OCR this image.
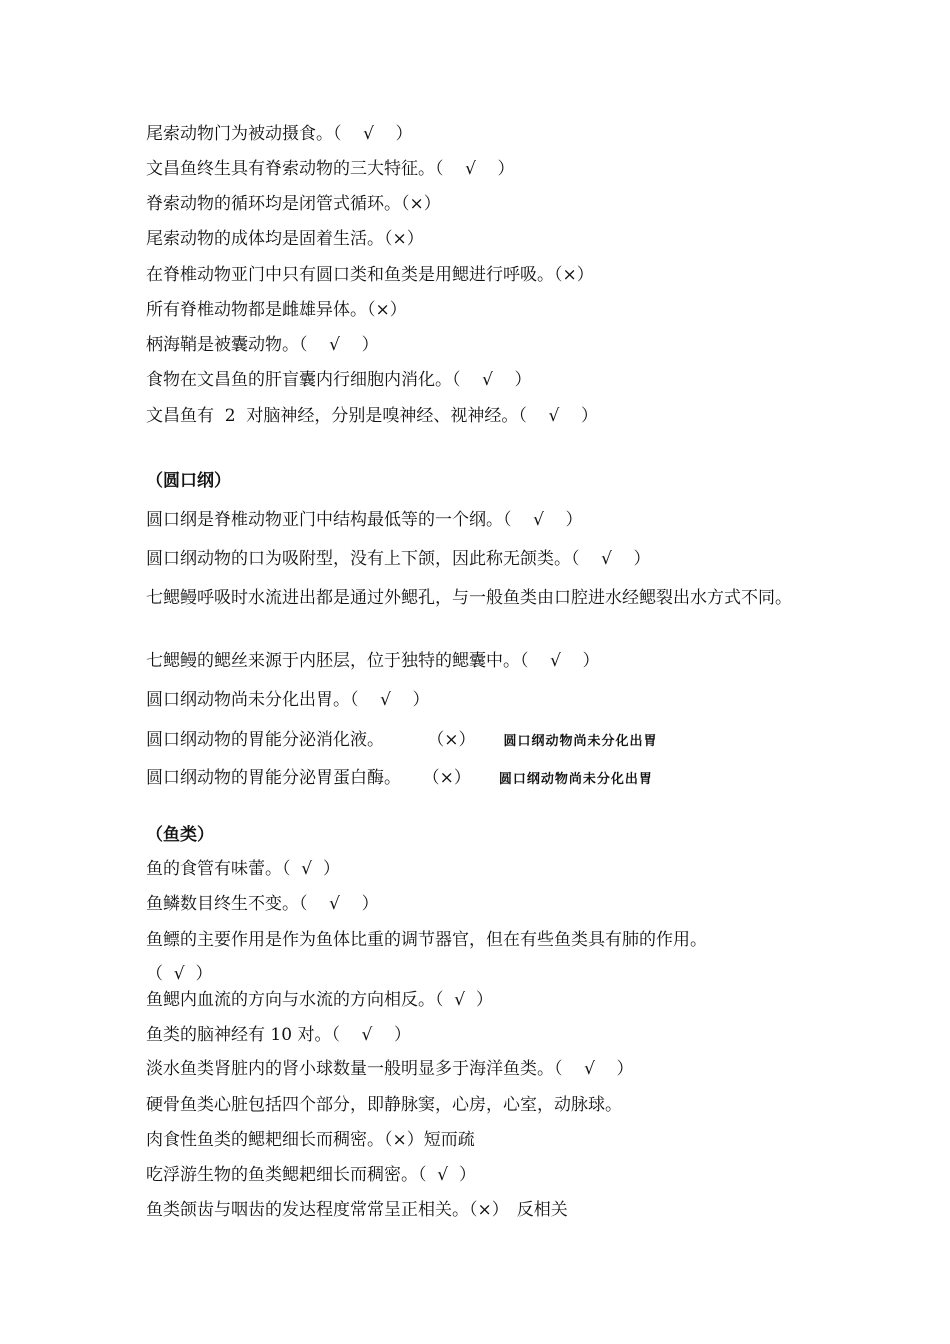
尾索动物门为被动摄食。（    √    ）
文昌鱼终生具有脊索动物的三大特征。（    √    ）
脊索动物的循环均是闭管式循环。（×）
尾索动物的成体均是固着生活。（×）
在脊椎动物亚门中只有圆口类和鱼类是用鳃进行呼吸。（×）
所有脊椎动物都是雌雄异体。（×）
柄海鞘是被囊动物。（    √    ）
食物在文昌鱼的肝盲囊内行细胞内消化。（    √    ）
文昌鱼有  2  对脑神经，分别是嗅神经、视神经。（    √    ）
（圆口纲）
圆口纲是脊椎动物亚门中结构最低等的一个纲。（    √    ）
圆口纲动物的口为吸附型，没有上下颌，因此称无颌类。（    √    ）
七鳃鳗呼吸时水流进出都是通过外鳃孔，与一般鱼类由口腔进水经鳃裂出水方式不同。
七鳃鳗的鳃丝来源于内胚层，位于独特的鳃囊中。（    √    ）
圆口纲动物尚未分化出胃。（    √    ）
圆口纲动物的胃能分泌消化液。        （×） 圆口纲动物尚未分化出胃
圆口纲动物的胃能分泌胃蛋白酶。    （×） 圆口纲动物尚未分化出胃
（鱼类）
鱼的食管有味蕾。（  √  ）
鱼鳞数目终生不变。（    √    ）
鱼鳔的主要作用是作为鱼体比重的调节器官，但在有些鱼类具有肺的作用。
（  √  ）
鱼鳃内血流的方向与水流的方向相反。（  √  ）
鱼类的脑神经有 10 对。（    √    ）
淡水鱼类肾脏内的肾小球数量一般明显多于海洋鱼类。（    √    ）
硬骨鱼类心脏包括四个部分，即静脉窦，心房，心室，动脉球。
肉食性鱼类的鳃耙细长而稠密。（×）短而疏
吃浮游生物的鱼类鳃耙细长而稠密。（  √  ）
鱼类颌齿与咽齿的发达程度常常呈正相关。（×） 反相关
